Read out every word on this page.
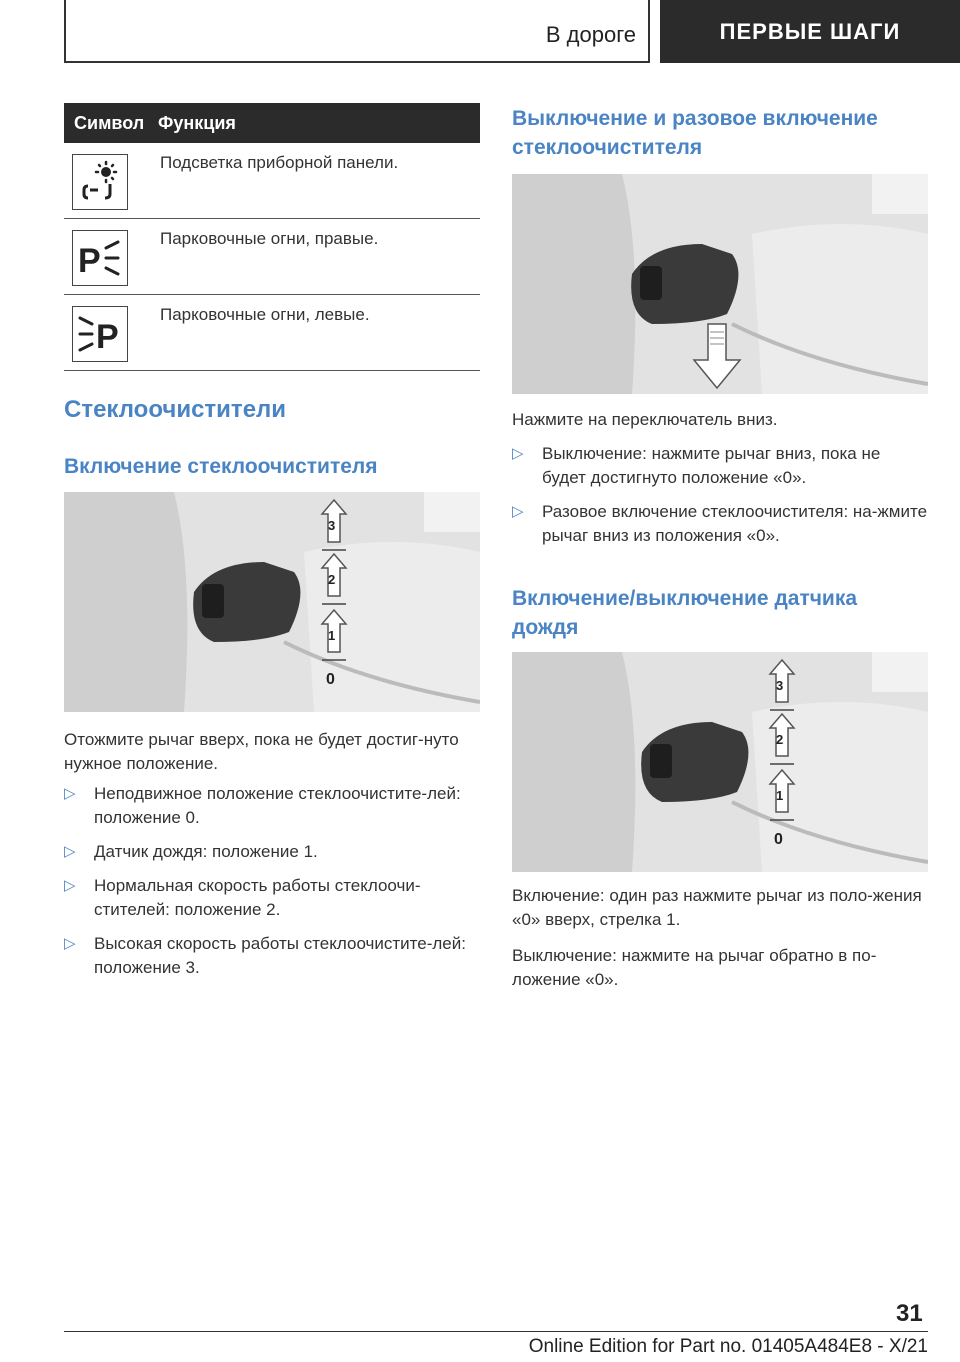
В дороге	ПЕРВЫЕ ШАГИ
Символ Функция
Подсветка приборной панели.
P
Парковочные огни, правые.
P
Парковочные огни, левые.
Стеклоочистители
Включение стеклоочистителя
3
2
1
0
Отожмите рычаг вверх, пока не будет достиг-нуто нужное положение.
▷ Неподвижное положение стеклоочистите-лей: положение 0.
▷ Датчик дождя: положение 1.
▷ Нормальная скорость работы стеклоочи-стителей: положение 2.
▷ Высокая скорость работы стеклоочистите-лей: положение 3.
Выключение и разовое включение стеклоочистителя
Нажмите на переключатель вниз.
▷ Выключение: нажмите рычаг вниз, пока не будет достигнуто положение «0».
▷ Разовое включение стеклоочистителя: на-жмите рычаг вниз из положения «0».
Включение/выключение датчика дождя
3
2
1
0
Включение: один раз нажмите рычаг из поло-жения «0» вверх, стрелка 1.
Выключение: нажмите на рычаг обратно в по-ложение «0».
31
Online Edition for Part no. 01405A484E8 - X/21
